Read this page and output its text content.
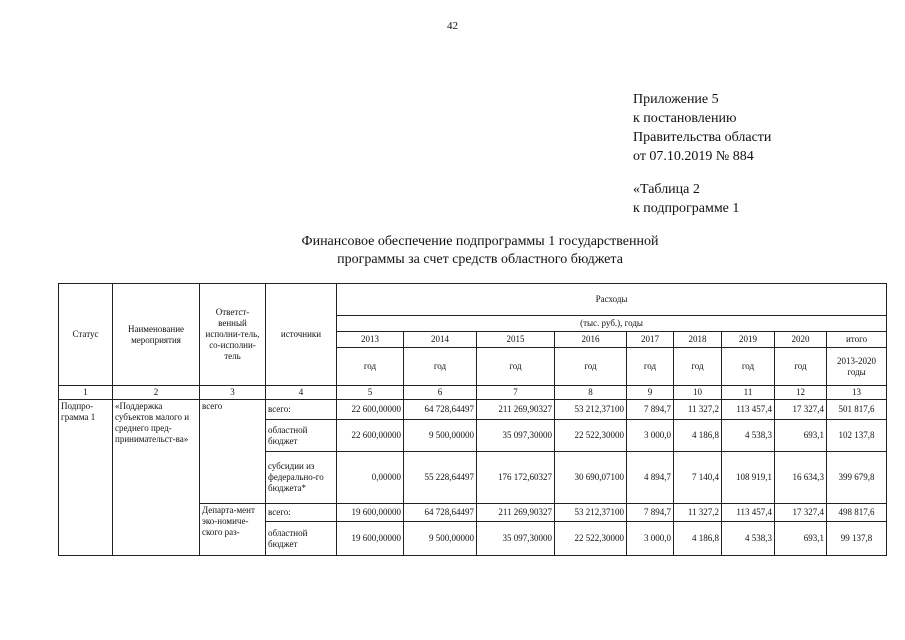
42
Приложение 5
к постановлению
Правительства области
от 07.10.2019 № 884
«Таблица 2
к подпрограмме 1
Финансовое обеспечение подпрограммы 1 государственной
программы за счет средств областного бюджета
Статус	Наименование мероприятия	Ответст-венный исполни-тель, со-исполни-тель	источники	Расходы								
				(тыс. руб.), годы								
				2013	2014	2015	2016	2017	2018	2019	2020	итого
				год	год	год	год	год	год	год	год	2013-2020 годы
1	2	3	4	5	6	7	8	9	10	11	12	13
Подпро-грамма 1	«Поддержка субъектов малого и среднего пред-принимательст-ва»	всего	всего:	22 600,00000	64 728,64497	211 269,90327	53 212,37100	7 894,7	11 327,2	113 457,4	17 327,4	501 817,6
			областной бюджет	22 600,00000	9 500,00000	35 097,30000	22 522,30000	3 000,0	4 186,8	4 538,3	693,1	102 137,8
			субсидии из федерально-го бюджета*	0,00000	55 228,64497	176 172,60327	30 690,07100	4 894,7	7 140,4	108 919,1	16 634,3	399 679,8
		Департа-мент эко-номиче-ского раз-	всего:	19 600,00000	64 728,64497	211 269,90327	53 212,37100	7 894,7	11 327,2	113 457,4	17 327,4	498 817,6
			областной бюджет	19 600,00000	9 500,00000	35 097,30000	22 522,30000	3 000,0	4 186,8	4 538,3	693,1	99 137,8
